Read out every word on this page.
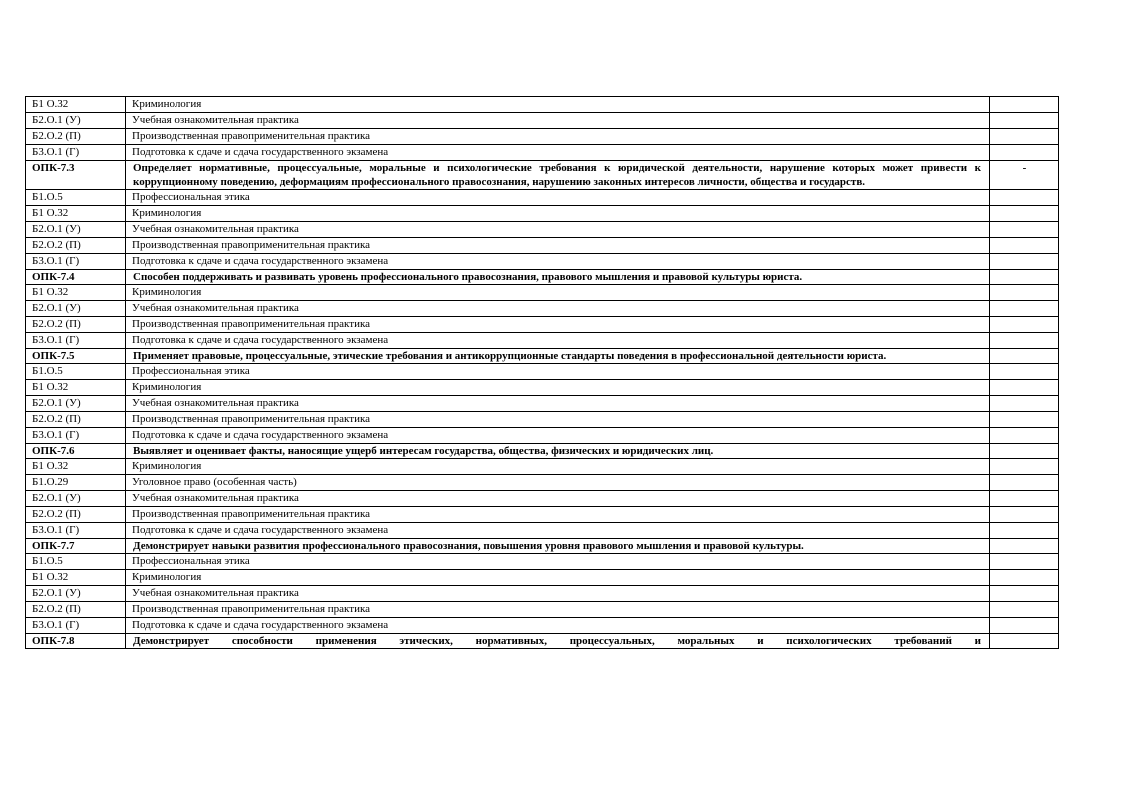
Б1 О.32	Криминология	
Б2.О.1 (У)	Учебная ознакомительная практика	
Б2.О.2 (П)	Производственная правоприменительная практика	
Б3.О.1 (Г)	Подготовка к сдаче и сдача государственного экзамена	
ОПК-7.3	Определяет нормативные, процессуальные, моральные и психологические требования к юридической деятельности, нарушение которых может привести к коррупционному поведению, деформациям профессионального правосознания, нарушению законных интересов личности, общества и государств.	-
Б1.О.5	Профессиональная этика	
Б1 О.32	Криминология	
Б2.О.1 (У)	Учебная ознакомительная практика	
Б2.О.2 (П)	Производственная правоприменительная практика	
Б3.О.1 (Г)	Подготовка к сдаче и сдача государственного экзамена	
ОПК-7.4	Способен поддерживать и развивать уровень профессионального правосознания, правового мышления и правовой культуры юриста.	
Б1 О.32	Криминология	
Б2.О.1 (У)	Учебная ознакомительная практика	
Б2.О.2 (П)	Производственная правоприменительная практика	
Б3.О.1 (Г)	Подготовка к сдаче и сдача государственного экзамена	
ОПК-7.5	Применяет правовые, процессуальные, этические требования и антикоррупционные стандарты поведения в профессиональной деятельности юриста.	
Б1.О.5	Профессиональная этика	
Б1 О.32	Криминология	
Б2.О.1 (У)	Учебная ознакомительная практика	
Б2.О.2 (П)	Производственная правоприменительная практика	
Б3.О.1 (Г)	Подготовка к сдаче и сдача государственного экзамена	
ОПК-7.6	Выявляет и оценивает факты, наносящие ущерб интересам государства, общества, физических и юридических лиц.	
Б1 О.32	Криминология	
Б1.О.29	Уголовное право (особенная часть)	
Б2.О.1 (У)	Учебная ознакомительная практика	
Б2.О.2 (П)	Производственная правоприменительная практика	
Б3.О.1 (Г)	Подготовка к сдаче и сдача государственного экзамена	
ОПК-7.7	Демонстрирует навыки развития профессионального правосознания, повышения уровня правового мышления и правовой культуры.	
Б1.О.5	Профессиональная этика	
Б1 О.32	Криминология	
Б2.О.1 (У)	Учебная ознакомительная практика	
Б2.О.2 (П)	Производственная правоприменительная практика	
Б3.О.1 (Г)	Подготовка к сдаче и сдача государственного экзамена	
ОПК-7.8	Демонстрирует способности применения этических, нормативных, процессуальных, моральных и психологических требований и	
